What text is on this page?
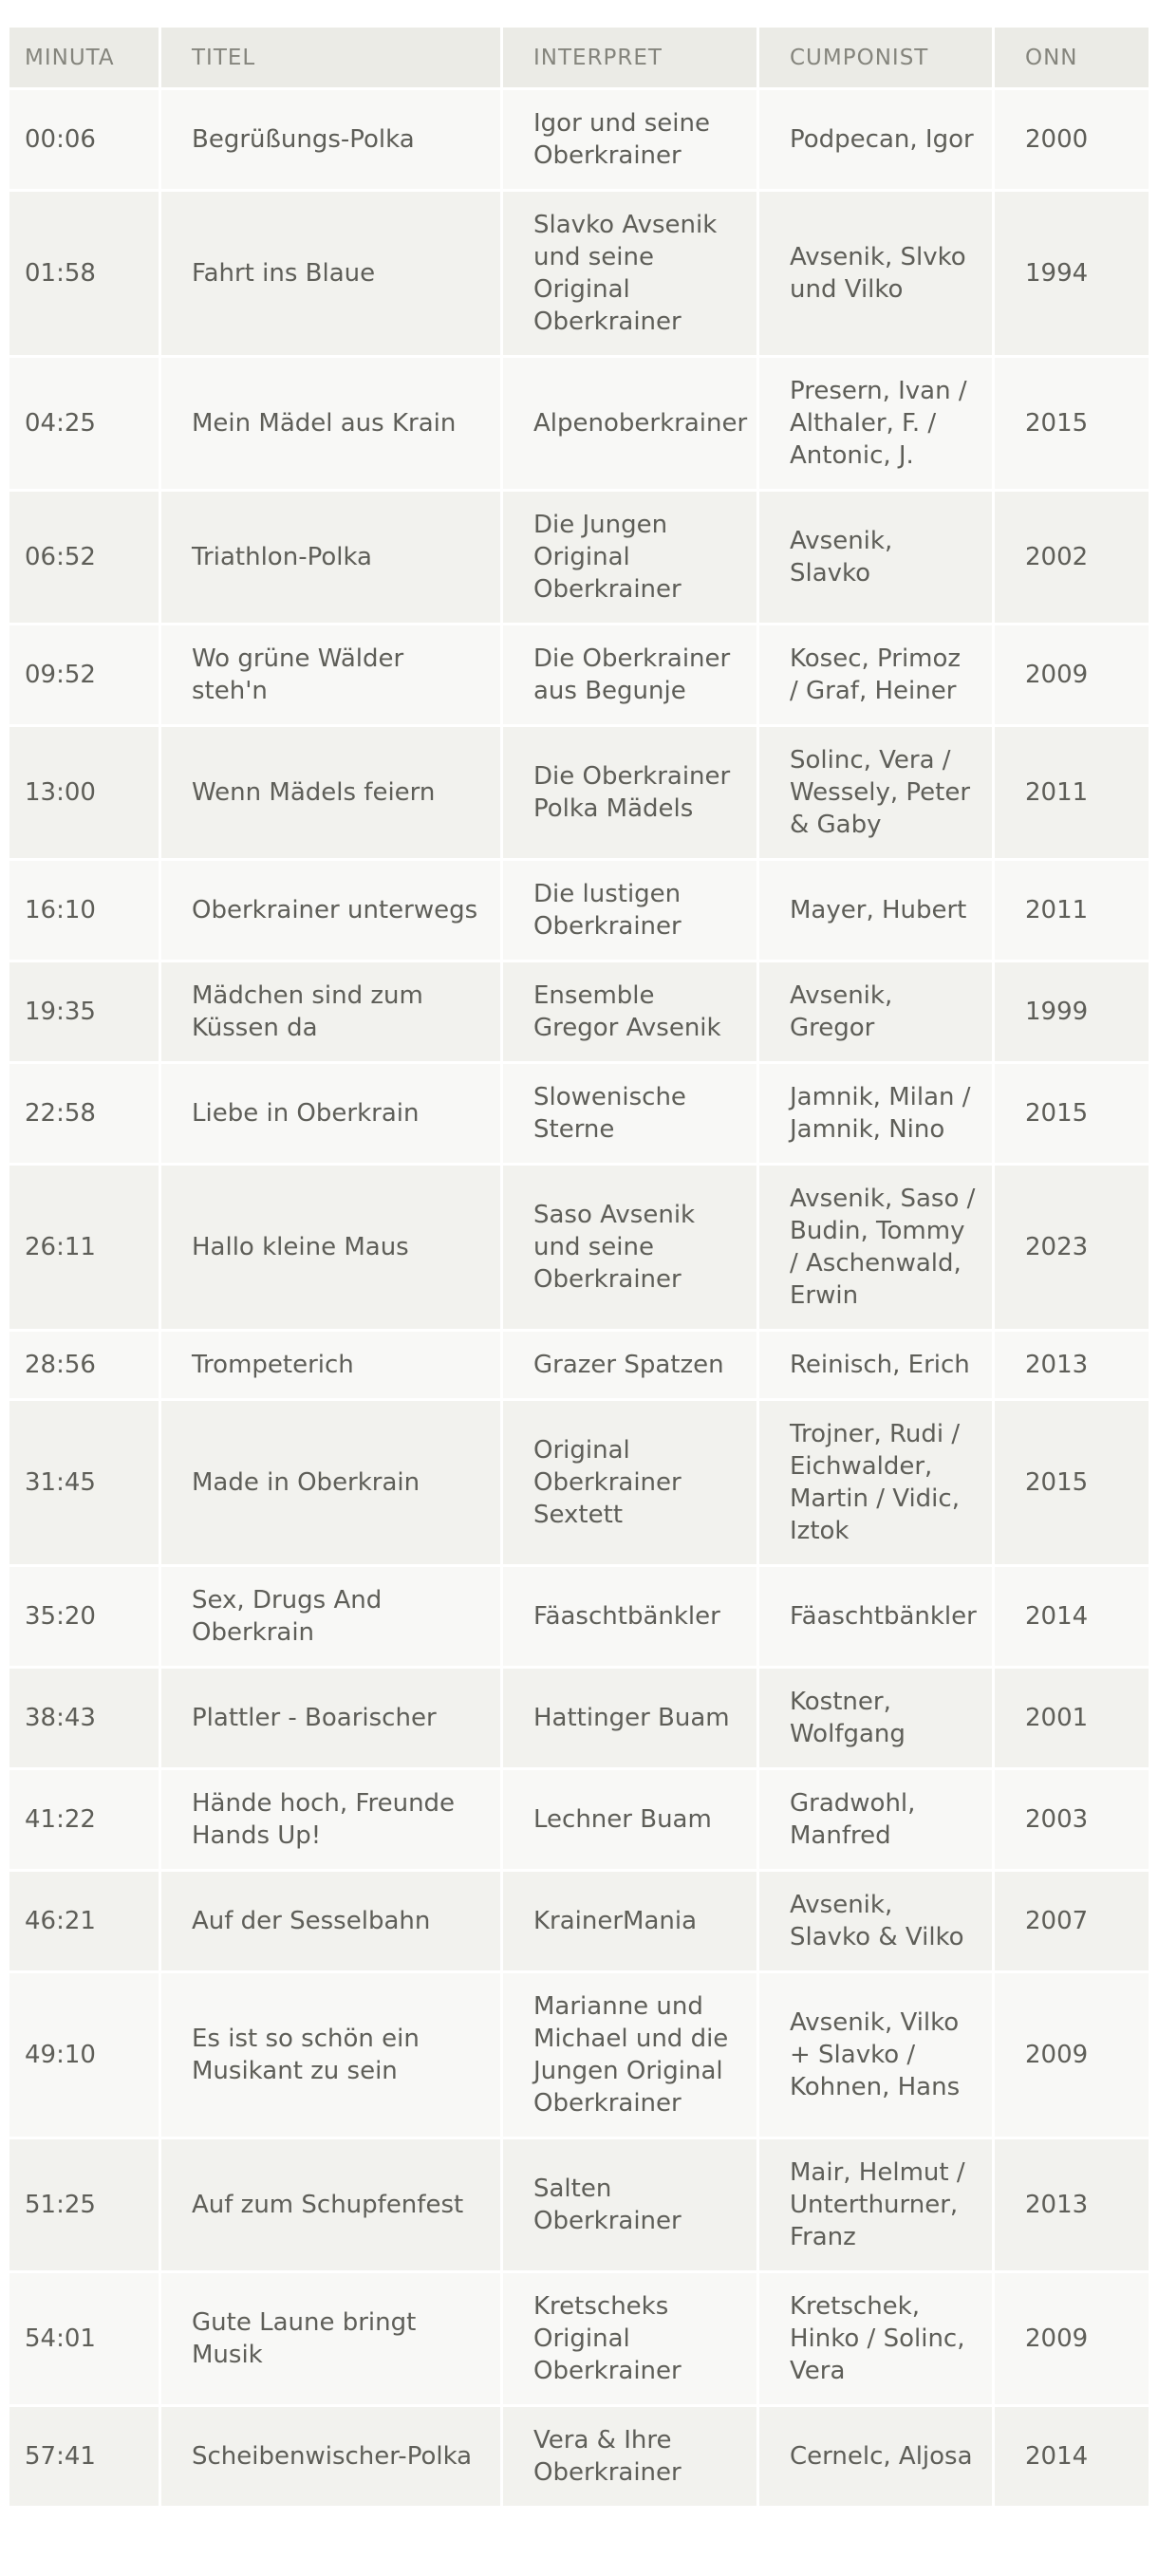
MINUTA	TITEL	INTERPRET	CUMPONIST	ONN
00:06	Begrüßungs-Polka	Igor und seine Oberkrainer	Podpecan, Igor	2000
01:58	Fahrt ins Blaue	Slavko Avsenik und seine Original Oberkrainer	Avsenik, Slvko und Vilko	1994
04:25	Mein Mädel aus Krain	Alpenoberkrainer	Presern, Ivan / Althaler, F. / Antonic, J.	2015
06:52	Triathlon-Polka	Die Jungen Original Oberkrainer	Avsenik, Slavko	2002
09:52	Wo grüne Wälder steh'n	Die Oberkrainer aus Begunje	Kosec, Primoz / Graf, Heiner	2009
13:00	Wenn Mädels feiern	Die Oberkrainer Polka Mädels	Solinc, Vera / Wessely, Peter & Gaby	2011
16:10	Oberkrainer unterwegs	Die lustigen Oberkrainer	Mayer, Hubert	2011
19:35	Mädchen sind zum Küssen da	Ensemble Gregor Avsenik	Avsenik, Gregor	1999
22:58	Liebe in Oberkrain	Slowenische Sterne	Jamnik, Milan / Jamnik, Nino	2015
26:11	Hallo kleine Maus	Saso Avsenik und seine Oberkrainer	Avsenik, Saso / Budin, Tommy / Aschenwald, Erwin	2023
28:56	Trompeterich	Grazer Spatzen	Reinisch, Erich	2013
31:45	Made in Oberkrain	Original Oberkrainer Sextett	Trojner, Rudi / Eichwalder, Martin / Vidic, Iztok	2015
35:20	Sex, Drugs And Oberkrain	Fäaschtbänkler	Fäaschtbänkler	2014
38:43	Plattler - Boarischer	Hattinger Buam	Kostner, Wolfgang	2001
41:22	Hände hoch, Freunde Hands Up!	Lechner Buam	Gradwohl, Manfred	2003
46:21	Auf der Sesselbahn	KrainerMania	Avsenik, Slavko & Vilko	2007
49:10	Es ist so schön ein Musikant zu sein	Marianne und Michael und die Jungen Original Oberkrainer	Avsenik, Vilko + Slavko / Kohnen, Hans	2009
51:25	Auf zum Schupfenfest	Salten Oberkrainer	Mair, Helmut / Unterthurner, Franz	2013
54:01	Gute Laune bringt Musik	Kretscheks Original Oberkrainer	Kretschek, Hinko / Solinc, Vera	2009
57:41	Scheibenwischer-Polka	Vera & Ihre Oberkrainer	Cernelc, Aljosa	2014
